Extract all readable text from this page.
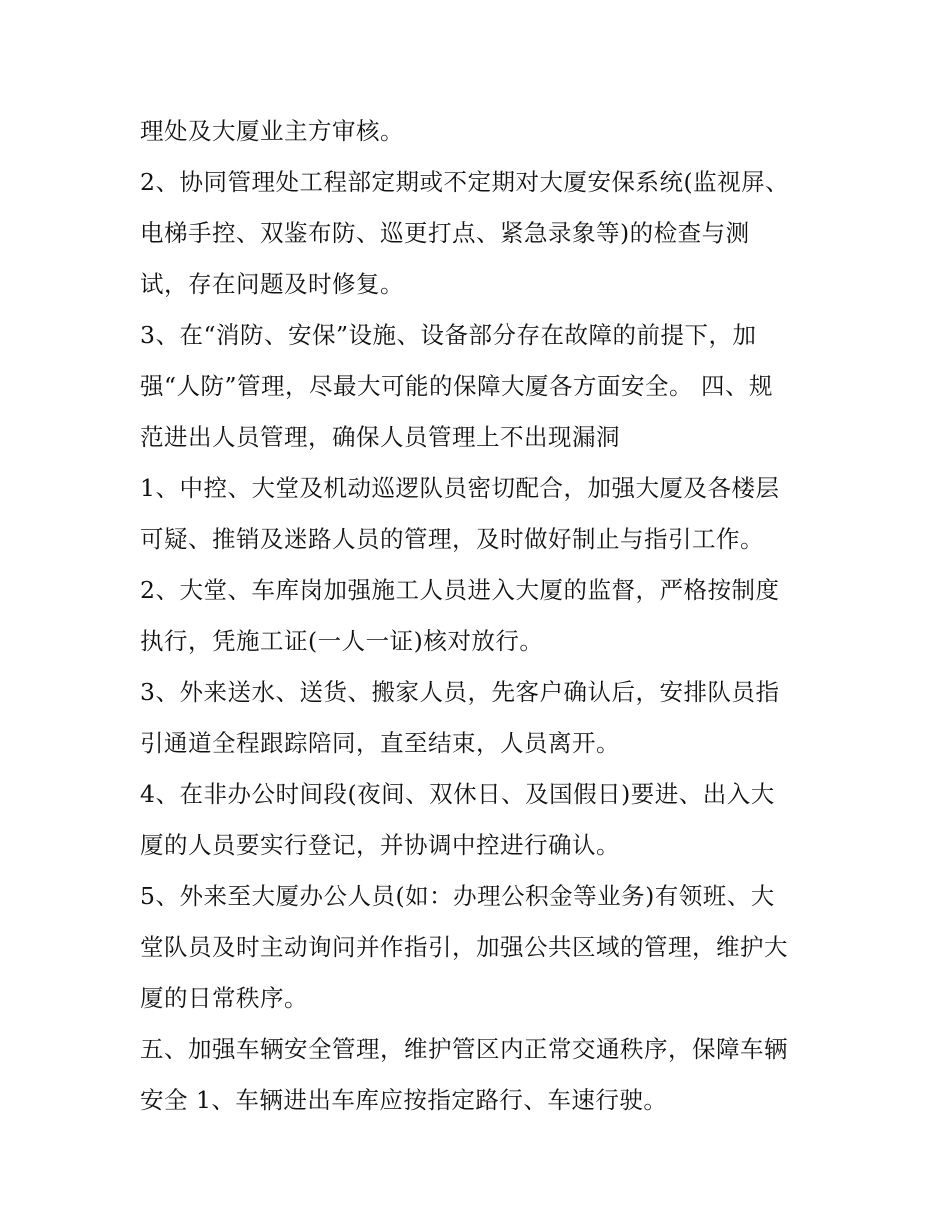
理处及大厦业主方审核。
2、协同管理处工程部定期或不定期对大厦安保系统(监视屏、
电梯手控、双鉴布防、巡更打点、紧急录象等)的检查与测
试，存在问题及时修复。
3、在“消防、安保”设施、设备部分存在故障的前提下，加
强“人防”管理，尽最大可能的保障大厦各方面安全。 四、规
范进出人员管理，确保人员管理上不出现漏洞
1、中控、大堂及机动巡逻队员密切配合，加强大厦及各楼层
可疑、推销及迷路人员的管理，及时做好制止与指引工作。
2、大堂、车库岗加强施工人员进入大厦的监督，严格按制度
执行，凭施工证(一人一证)核对放行。
3、外来送水、送货、搬家人员，先客户确认后，安排队员指
引通道全程跟踪陪同，直至结束，人员离开。
4、在非办公时间段(夜间、双休日、及国假日)要进、出入大
厦的人员要实行登记，并协调中控进行确认。
5、外来至大厦办公人员(如：办理公积金等业务)有领班、大
堂队员及时主动询问并作指引，加强公共区域的管理，维护大
厦的日常秩序。
五、加强车辆安全管理，维护管区内正常交通秩序，保障车辆
安全 1、车辆进出车库应按指定路行、车速行驶。
